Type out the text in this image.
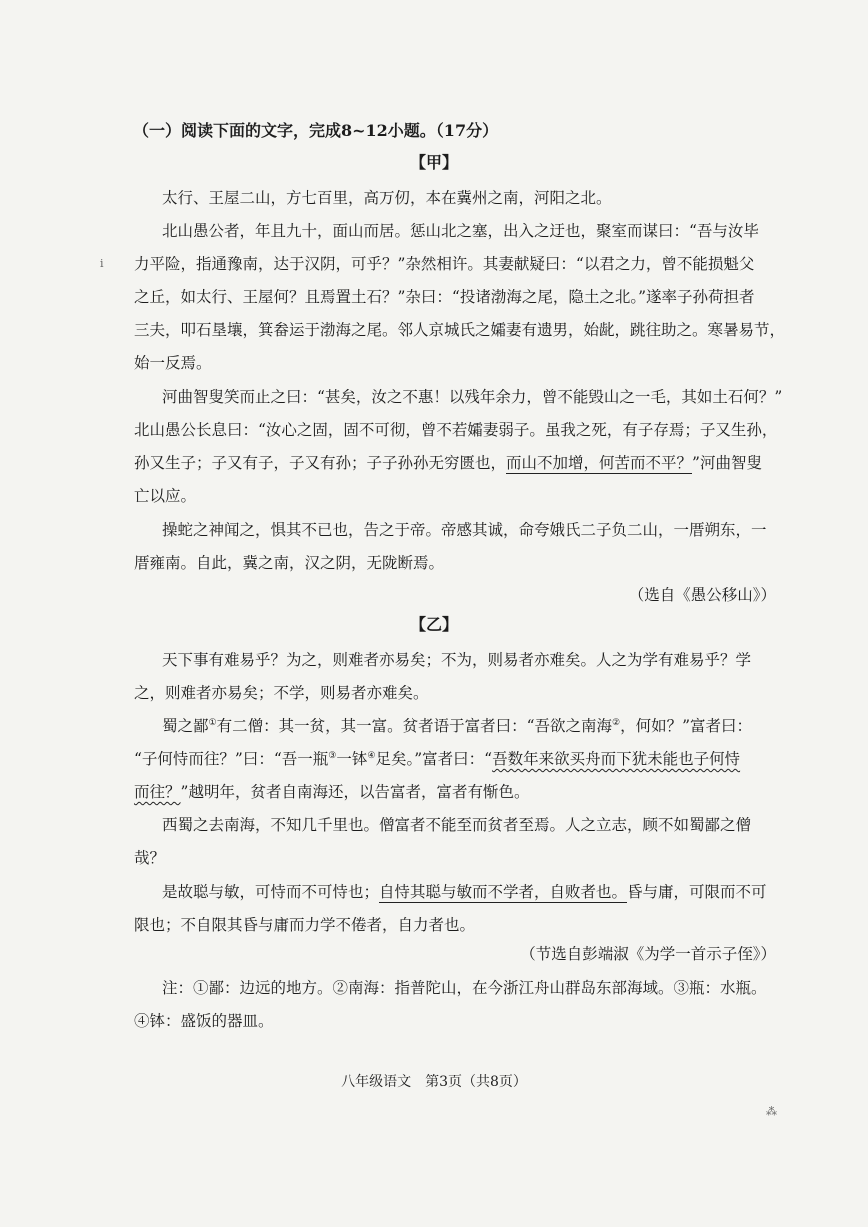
ⅰ
⁂
（一）阅读下面的文字，完成8~12小题。（17分）
【甲】
太行、王屋二山，方七百里，高万仞，本在冀州之南，河阳之北。
北山愚公者，年且九十，面山而居。惩山北之塞，出入之迂也，聚室而谋曰：“吾与汝毕
力平险，指通豫南，达于汉阴，可乎？”杂然相许。其妻献疑曰：“以君之力，曾不能损魁父
之丘，如太行、王屋何？且焉置土石？”杂曰：“投诸渤海之尾，隐土之北。”遂率子孙荷担者
三夫，叩石垦壤，箕畚运于渤海之尾。邻人京城氏之孀妻有遗男，始龀，跳往助之。寒暑易节，
始一反焉。
河曲智叟笑而止之曰：“甚矣，汝之不惠！以残年余力，曾不能毁山之一毛，其如土石何？”
北山愚公长息曰：“汝心之固，固不可彻，曾不若孀妻弱子。虽我之死，有子存焉；子又生孙，
孙又生子；子又有子，子又有孙；子子孙孙无穷匮也，而山不加增，何苦而不平？”河曲智叟
亡以应。
操蛇之神闻之，惧其不已也，告之于帝。帝感其诚，命夸娥氏二子负二山，一厝朔东，一
厝雍南。自此，冀之南，汉之阴，无陇断焉。
（选自《愚公移山》）
【乙】
天下事有难易乎？为之，则难者亦易矣；不为，则易者亦难矣。人之为学有难易乎？学
之，则难者亦易矣；不学，则易者亦难矣。
蜀之鄙①有二僧：其一贫，其一富。贫者语于富者曰：“吾欲之南海②，何如？”富者曰：
“子何恃而往？”曰：“吾一瓶③一钵④足矣。”富者曰：“吾数年来欲买舟而下犹未能也子何恃
而往？”越明年，贫者自南海还，以告富者，富者有惭色。
西蜀之去南海，不知几千里也。僧富者不能至而贫者至焉。人之立志，顾不如蜀鄙之僧
哉？
是故聪与敏，可恃而不可恃也；自恃其聪与敏而不学者，自败者也。昏与庸，可限而不可
限也；不自限其昏与庸而力学不倦者，自力者也。
（节选自彭端淑《为学一首示子侄》）
注：①鄙：边远的地方。②南海：指普陀山，在今浙江舟山群岛东部海域。③瓶：水瓶。
④钵：盛饭的器皿。
八年级语文　第3页（共8页）
